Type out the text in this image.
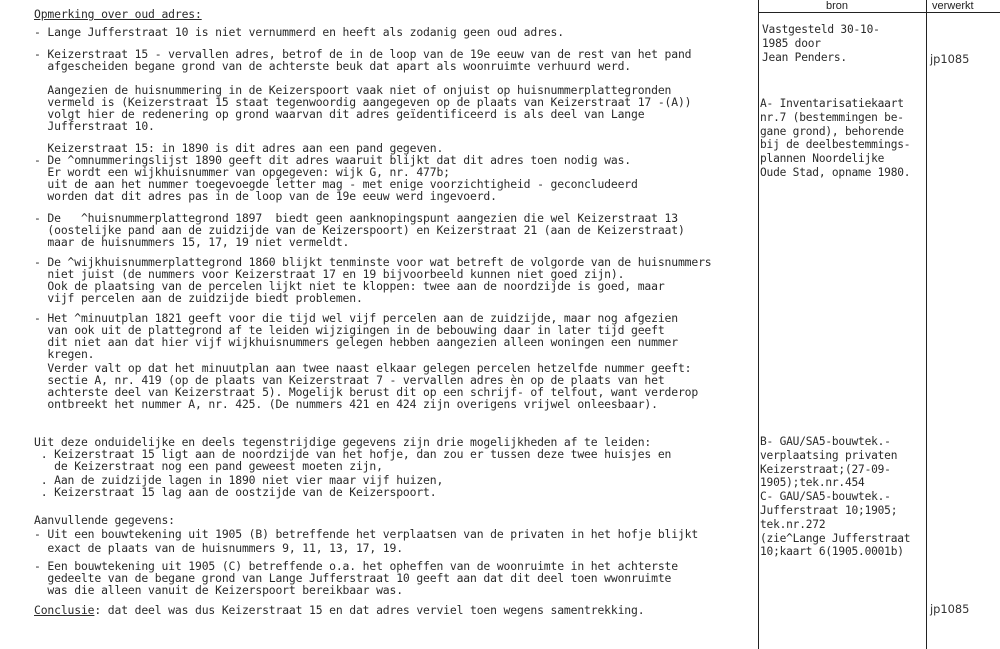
bron	verwerkt
Opmerking over oud adres:
- Lange Jufferstraat 10 is niet vernummerd en heeft als zodanig geen oud adres.
- Keizerstraat 15 - vervallen adres, betrof de in de loop van de 19e eeuw van de rest van het pand
afgescheiden begane grond van de achterste beuk dat apart als woonruimte verhuurd werd.
Aangezien de huisnummering in de Keizerspoort vaak niet of onjuist op huisnummerplattegronden
vermeld is (Keizerstraat 15 staat tegenwoordig aangegeven op de plaats van Keizerstraat 17 -(A))
volgt hier de redenering op grond waarvan dit adres geïdentificeerd is als deel van Lange
Jufferstraat 10.
Keizerstraat 15: in 1890 is dit adres aan een pand gegeven.
- De ^omnummeringslijst 1890 geeft dit adres waaruit blijkt dat dit adres toen nodig was.
Er wordt een wijkhuisnummer van opgegeven: wijk G, nr. 477b;
uit de aan het nummer toegevoegde letter mag - met enige voorzichtigheid - geconcludeerd
worden dat dit adres pas in de loop van de 19e eeuw werd ingevoerd.
- De   ^huisnummerplattegrond 1897  biedt geen aanknopingspunt aangezien die wel Keizerstraat 13
(oostelijke pand aan de zuidzijde van de Keizerspoort) en Keizerstraat 21 (aan de Keizerstraat)
maar de huisnummers 15, 17, 19 niet vermeldt.
- De ^wijkhuisnummerplattegrond 1860 blijkt tenminste voor wat betreft de volgorde van de huisnummers
niet juist (de nummers voor Keizerstraat 17 en 19 bijvoorbeeld kunnen niet goed zijn).
Ook de plaatsing van de percelen lijkt niet te kloppen: twee aan de noordzijde is goed, maar
vijf percelen aan de zuidzijde biedt problemen.
- Het ^minuutplan 1821 geeft voor die tijd wel vijf percelen aan de zuidzijde, maar nog afgezien
van ook uit de plattegrond af te leiden wijzigingen in de bebouwing daar in later tijd geeft
dit niet aan dat hier vijf wijkhuisnummers gelegen hebben aangezien alleen woningen een nummer
kregen.
Verder valt op dat het minuutplan aan twee naast elkaar gelegen percelen hetzelfde nummer geeft:
sectie A, nr. 419 (op de plaats van Keizerstraat 7 - vervallen adres èn op de plaats van het
achterste deel van Keizerstraat 5). Mogelijk berust dit op een schrijf- of telfout, want verderop
ontbreekt het nummer A, nr. 425. (De nummers 421 en 424 zijn overigens vrijwel onleesbaar).
Uit deze onduidelijke en deels tegenstrijdige gegevens zijn drie mogelijkheden af te leiden:
. Keizerstraat 15 ligt aan de noordzijde van het hofje, dan zou er tussen deze twee huisjes en
de Keizerstraat nog een pand geweest moeten zijn,
. Aan de zuidzijde lagen in 1890 niet vier maar vijf huizen,
. Keizerstraat 15 lag aan de oostzijde van de Keizerspoort.
Aanvullende gegevens:
- Uit een bouwtekening uit 1905 (B) betreffende het verplaatsen van de privaten in het hofje blijkt
exact de plaats van de huisnummers 9, 11, 13, 17, 19.
- Een bouwtekening uit 1905 (C) betreffende o.a. het opheffen van de woonruimte in het achterste
gedeelte van de begane grond van Lange Jufferstraat 10 geeft aan dat dit deel toen wwonruimte
was die alleen vanuit de Keizerspoort bereikbaar was.
Conclusie: dat deel was dus Keizerstraat 15 en dat adres verviel toen wegens samentrekking.
Vastgesteld 30-10-
1985 door
Jean Penders.
A- Inventarisatiekaart
nr.7 (bestemmingen be-
gane grond), behorende
bij de deelbestemmings-
plannen Noordelijke
Oude Stad, opname 1980.
B- GAU/SA5-bouwtek.-
verplaatsing privaten
Keizerstraat;(27-09-
1905);tek.nr.454
C- GAU/SA5-bouwtek.-
Jufferstraat 10;1905;
tek.nr.272
(zie^Lange Jufferstraat
10;kaart 6(1905.0001b)
jp1085
jp1085
